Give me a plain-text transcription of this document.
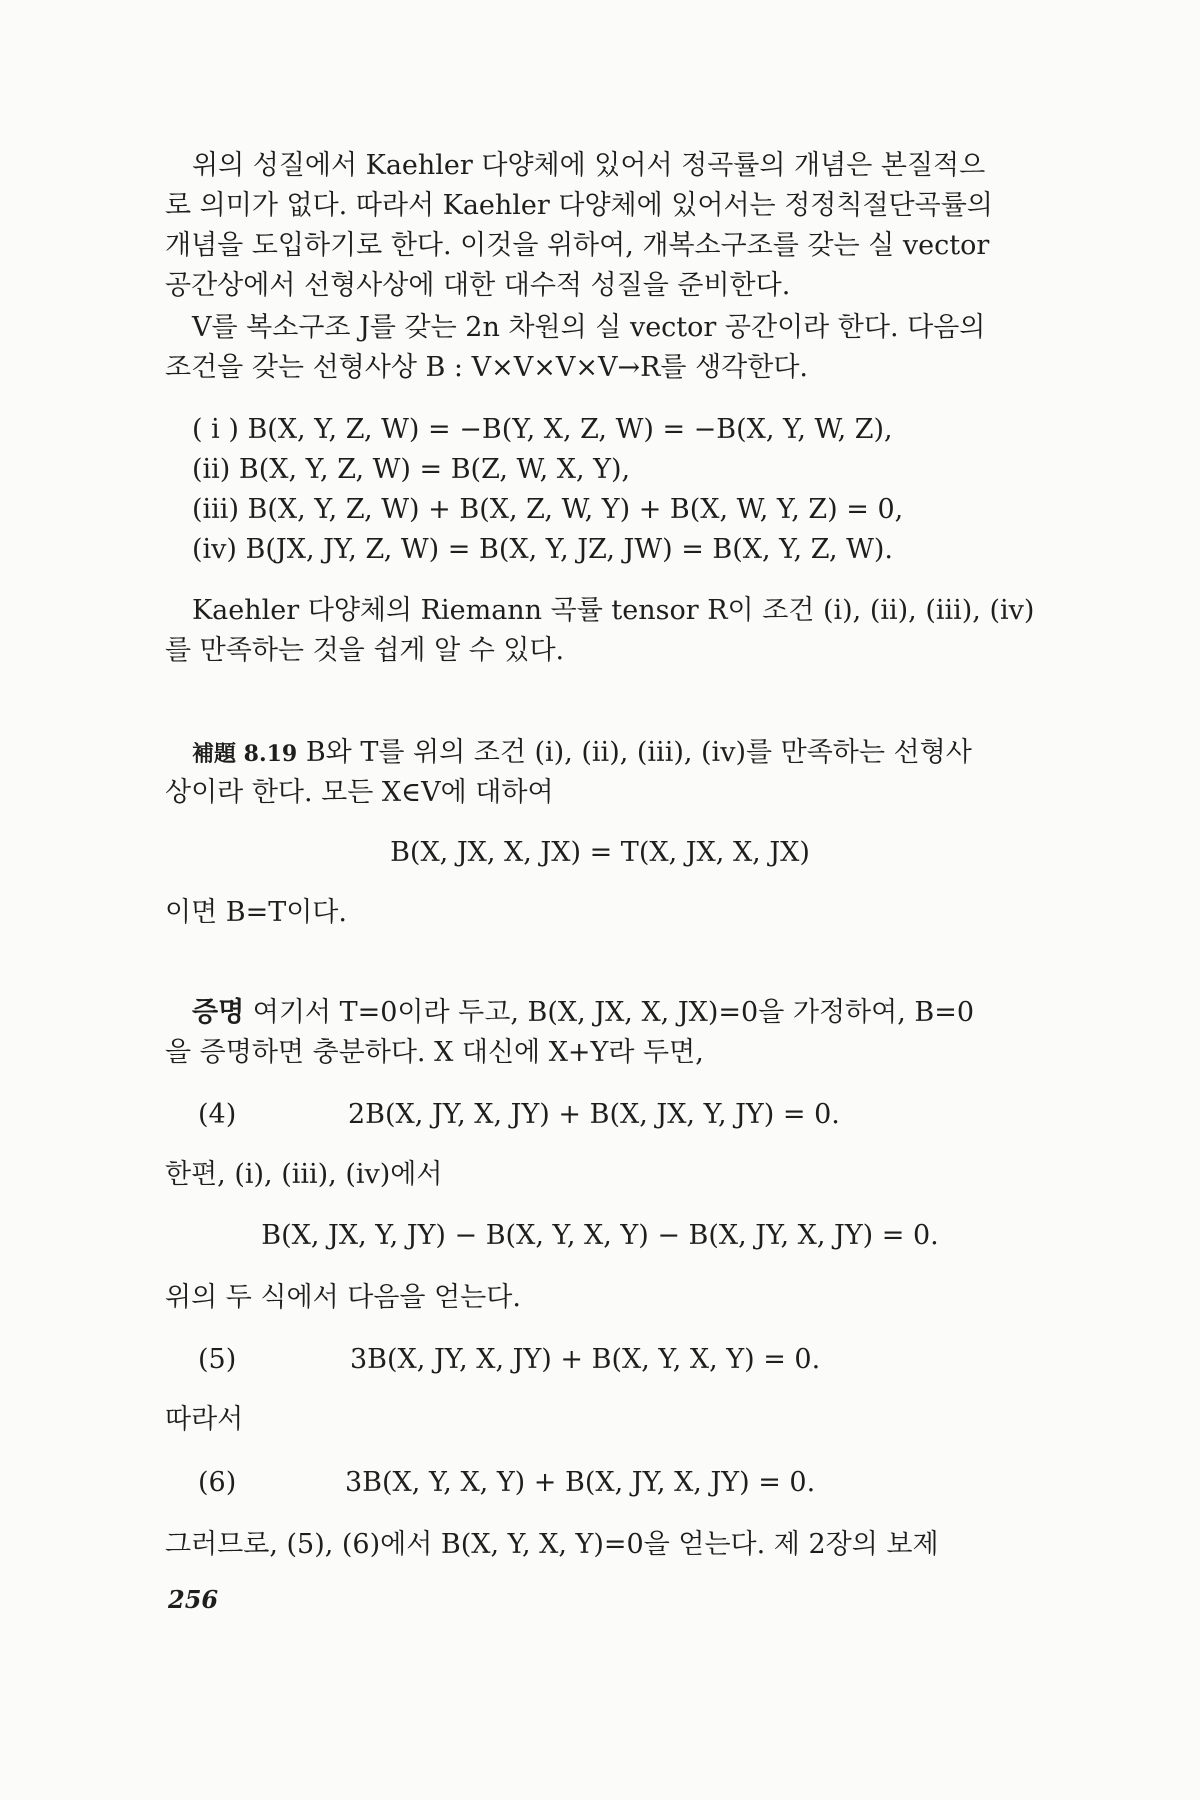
위의 성질에서 Kaehler 다양체에 있어서 정곡률의 개념은 본질적으
로 의미가 없다. 따라서 Kaehler 다양체에 있어서는 정정칙절단곡률의
개념을 도입하기로 한다. 이것을 위하여, 개복소구조를 갖는 실 vector
공간상에서 선형사상에 대한 대수적 성질을 준비한다.
V를 복소구조 J를 갖는 2n 차원의 실 vector 공간이라 한다. 다음의
조건을 갖는 선형사상 B : V×V×V×V→R를 생각한다.
( i ) B(X, Y, Z, W) = −B(Y, X, Z, W) = −B(X, Y, W, Z),
(ii) B(X, Y, Z, W) = B(Z, W, X, Y),
(iii) B(X, Y, Z, W) + B(X, Z, W, Y) + B(X, W, Y, Z) = 0,
(iv) B(JX, JY, Z, W) = B(X, Y, JZ, JW) = B(X, Y, Z, W).
Kaehler 다양체의 Riemann 곡률 tensor R이 조건 (i), (ii), (iii), (iv)
를 만족하는 것을 쉽게 알 수 있다.
補題 8.19 B와 T를 위의 조건 (i), (ii), (iii), (iv)를 만족하는 선형사
상이라 한다. 모든 X∈V에 대하여
B(X, JX, X, JX) = T(X, JX, X, JX)
이면 B=T이다.
증명 여기서 T=0이라 두고, B(X, JX, X, JX)=0을 가정하여, B=0
을 증명하면 충분하다. X 대신에 X+Y라 두면,
(4)	2B(X, JY, X, JY) + B(X, JX, Y, JY) = 0.
한편, (i), (iii), (iv)에서
B(X, JX, Y, JY) − B(X, Y, X, Y) − B(X, JY, X, JY) = 0.
위의 두 식에서 다음을 얻는다.
(5)	3B(X, JY, X, JY) + B(X, Y, X, Y) = 0.
따라서
(6)	3B(X, Y, X, Y) + B(X, JY, X, JY) = 0.
그러므로, (5), (6)에서 B(X, Y, X, Y)=0을 얻는다. 제 2장의 보제
256
